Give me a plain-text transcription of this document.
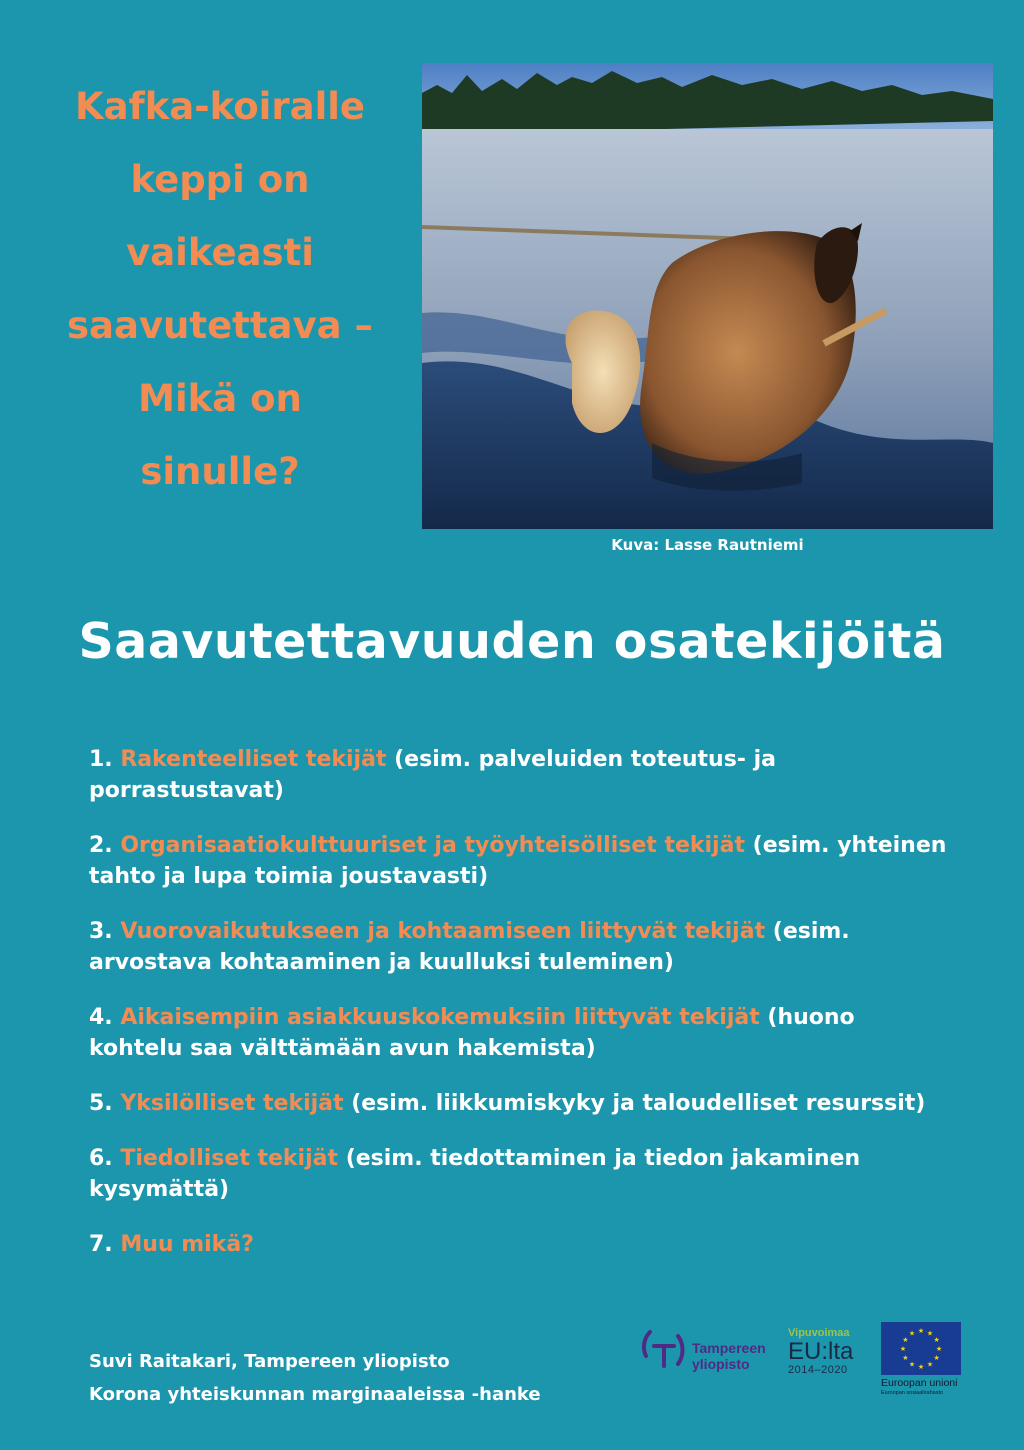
Kafka-koiralle
keppi on
vaikeasti
saavutettava –
Mikä on
sinulle?
Kuva: Lasse Rautniemi
Saavutettavuuden osatekijöitä
1. Rakenteelliset tekijät (esim. palveluiden toteutus- ja porrastustavat)
2. Organisaatiokulttuuriset ja työyhteisölliset tekijät (esim. yhteinen tahto ja lupa toimia joustavasti)
3. Vuorovaikutukseen ja kohtaamiseen liittyvät tekijät (esim. arvostava kohtaaminen ja kuulluksi tuleminen)
4. Aikaisempiin asiakkuuskokemuksiin liittyvät tekijät (huono kohtelu saa välttämään avun hakemista)
5. Yksilölliset tekijät (esim. liikkumiskyky ja taloudelliset resurssit)
6. Tiedolliset tekijät (esim. tiedottaminen ja tiedon jakaminen kysymättä)
7. Muu mikä?
Suvi Raitakari, Tampereen yliopisto
Korona yhteiskunnan marginaaleissa -hanke
Tampereen
yliopisto
Vipuvoimaa
EU:lta
2014–2020
★ ★
★
★
★
★
★
★
★
★
★
★
Euroopan unioni
Euroopan sosiaalirahasto
